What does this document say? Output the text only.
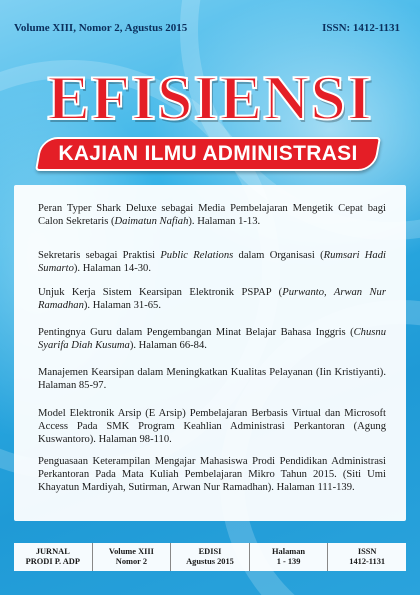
Volume XIII, Nomor 2, Agustus 2015	ISSN: 1412-1131
EFISIENSI
KAJIAN ILMU ADMINISTRASI

Peran Typer Shark Deluxe sebagai Media Pembelajaran Mengetik Cepat bagi Calon Sekretaris (Daimatun Nafiah). Halaman 1-13.

Sekretaris sebagai Praktisi Public Relations dalam Organisasi (Rumsari Hadi Sumarto). Halaman 14-30.

Unjuk Kerja Sistem Kearsipan Elektronik PSPAP (Purwanto, Arwan Nur Ramadhan). Halaman 31-65.

Pentingnya Guru dalam Pengembangan Minat Belajar Bahasa Inggris (Chusnu Syarifa Diah Kusuma). Halaman 66-84.

Manajemen Kearsipan dalam Meningkatkan Kualitas Pelayanan (Iin Kristiyanti). Halaman 85-97.

Model Elektronik Arsip (E Arsip) Pembelajaran Berbasis Virtual dan Microsoft Access Pada SMK Program Keahlian Administrasi Perkantoran (Agung Kuswantoro). Halaman 98-110.

Penguasaan Keterampilan Mengajar Mahasiswa Prodi Pendidikan Administrasi Perkantoran Pada Mata Kuliah Pembelajaran Mikro Tahun 2015. (Siti Umi Khayatun Mardiyah, Sutirman, Arwan Nur Ramadhan). Halaman 111-139.

JURNAL
PRODI P. ADP
Volume XIII
Nomor 2
EDISI
Agustus 2015
Halaman
1 - 139
ISSN
1412-1131
